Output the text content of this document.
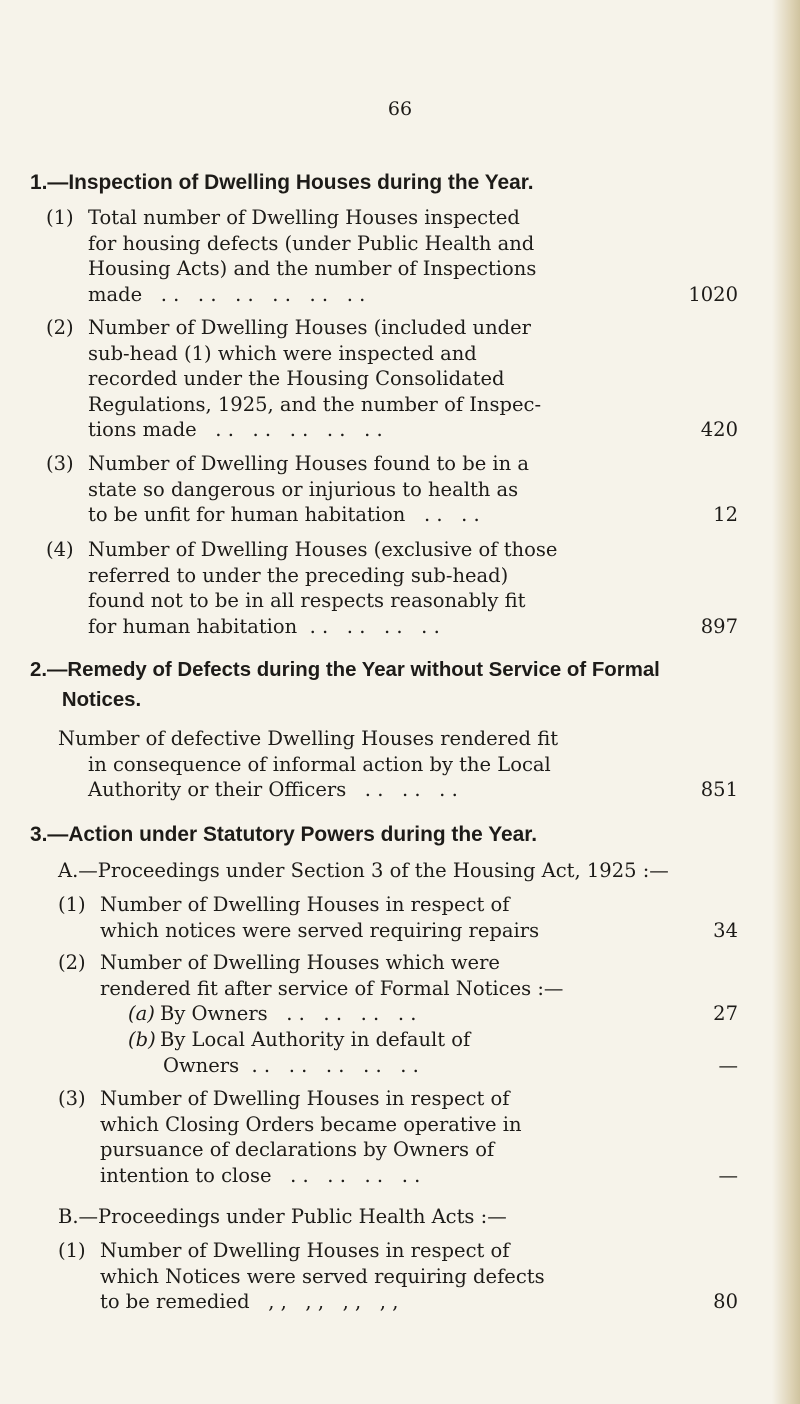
66
1.—Inspection of Dwelling Houses during the Year.
(1) Total number of Dwelling Houses inspected
for housing defects (under Public Health and
Housing Acts) and the number of Inspections
made   . .   . .   . .   . .   . .   . .	1020
(2) Number of Dwelling Houses (included under
sub-head (1) which were inspected and
recorded under the Housing Consolidated
Regulations, 1925, and the number of Inspec-
tions made   . .   . .   . .   . .   . .	420
(3) Number of Dwelling Houses found to be in a
state so dangerous or injurious to health as
to be unfit for human habitation   . .   . .	12
(4) Number of Dwelling Houses (exclusive of those
referred to under the preceding sub-head)
found not to be in all respects reasonably fit
for human habitation  . .   . .   . .   . .	897
2.—Remedy of Defects during the Year without Service of Formal
Notices.
Number of defective Dwelling Houses rendered fit
in consequence of informal action by the Local
Authority or their Officers   . .   . .   . .	851
3.—Action under Statutory Powers during the Year.
A.—Proceedings under Section 3 of the Housing Act, 1925 :—
(1) Number of Dwelling Houses in respect of
which notices were served requiring repairs	34
(2) Number of Dwelling Houses which were
rendered fit after service of Formal Notices :—
(a) By Owners   . .   . .   . .   . .	27
(b) By Local Authority in default of
Owners  . .   . .   . .   . .   . .	—
(3) Number of Dwelling Houses in respect of
which Closing Orders became operative in
pursuance of declarations by Owners of
intention to close   . .   . .   . .   . .	—
B.—Proceedings under Public Health Acts :—
(1) Number of Dwelling Houses in respect of
which Notices were served requiring defects
to be remedied   , ,   , ,   , ,   , ,	80
